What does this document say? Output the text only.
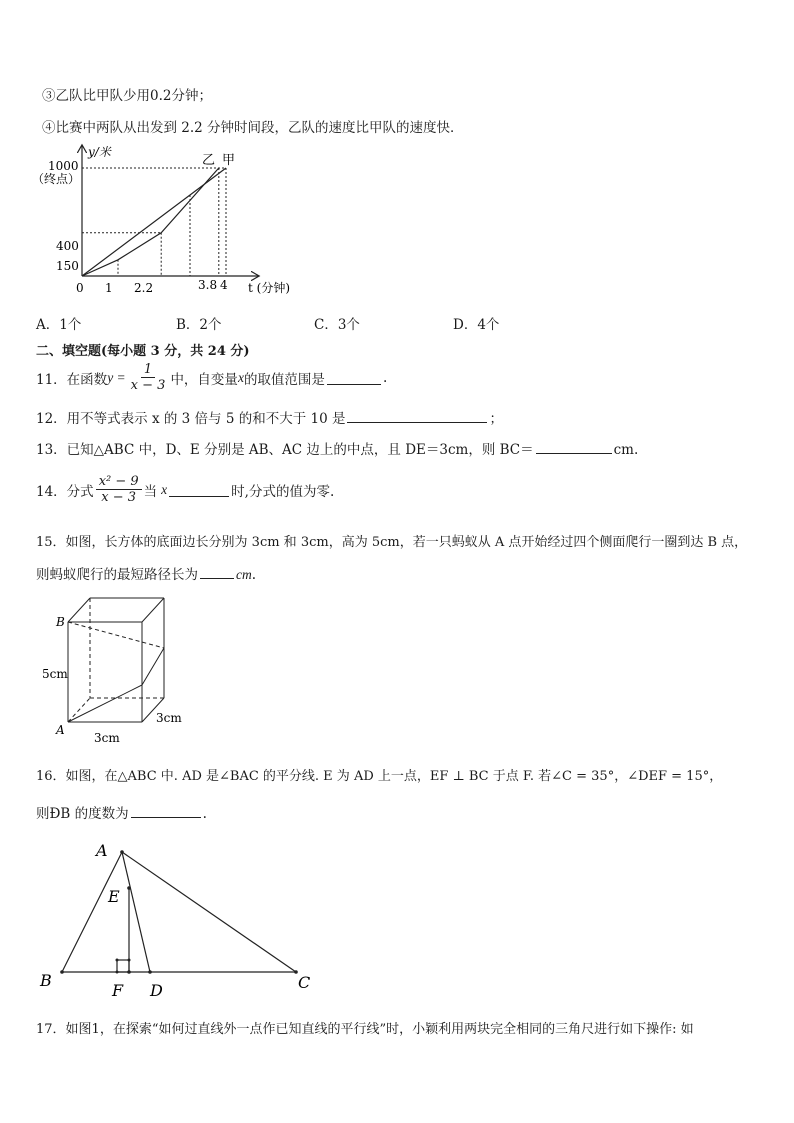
③乙队比甲队少用0.2分钟；
④比赛中两队从出发到 2.2 分钟时间段，乙队的速度比甲队的速度快．
y/米
1000
（终点）
400
150
0 1 2.2	3.8 4 t (分钟)
乙 甲
A．1个	B．2个	C．3个	D．4个
二、填空题(每小题 3 分，共 24 分)
11．在函数 $y = \frac{1}{x - 3}$ 中，自变量 x 的取值范围是	.
12．用不等式表示 x 的 3 倍与 5 的和不大于 10 是	；
13．已知△ABC 中，D、E 分别是 AB、AC 边上的中点，且 DE＝3cm，则 BC＝	cm.
14．分式 $\frac{\text{x² − 9}}{x - 3}$ 当 x	时,分式的值为零.
15．如图，长方体的底面边长分别为 3cm 和 3cm，高为 5cm，若一只蚂蚁从 A 点开始经过四个侧面爬行一圈到达 B 点，
则蚂蚁爬行的最短路径长为	cm.
B
A
5cm
3cm
3cm
16．如图，在△ABC 中. AD 是∠BAC 的平分线. E 为 AD 上一点，EF ⊥ BC 于点 F. 若∠C = 35°，∠DEF = 15°，
则ÐB 的度数为	.
A
E
B
F D	C
17．如图1，在探索“如何过直线外一点作已知直线的平行线”时，小颖利用两块完全相同的三角尺进行如下操作: 如
